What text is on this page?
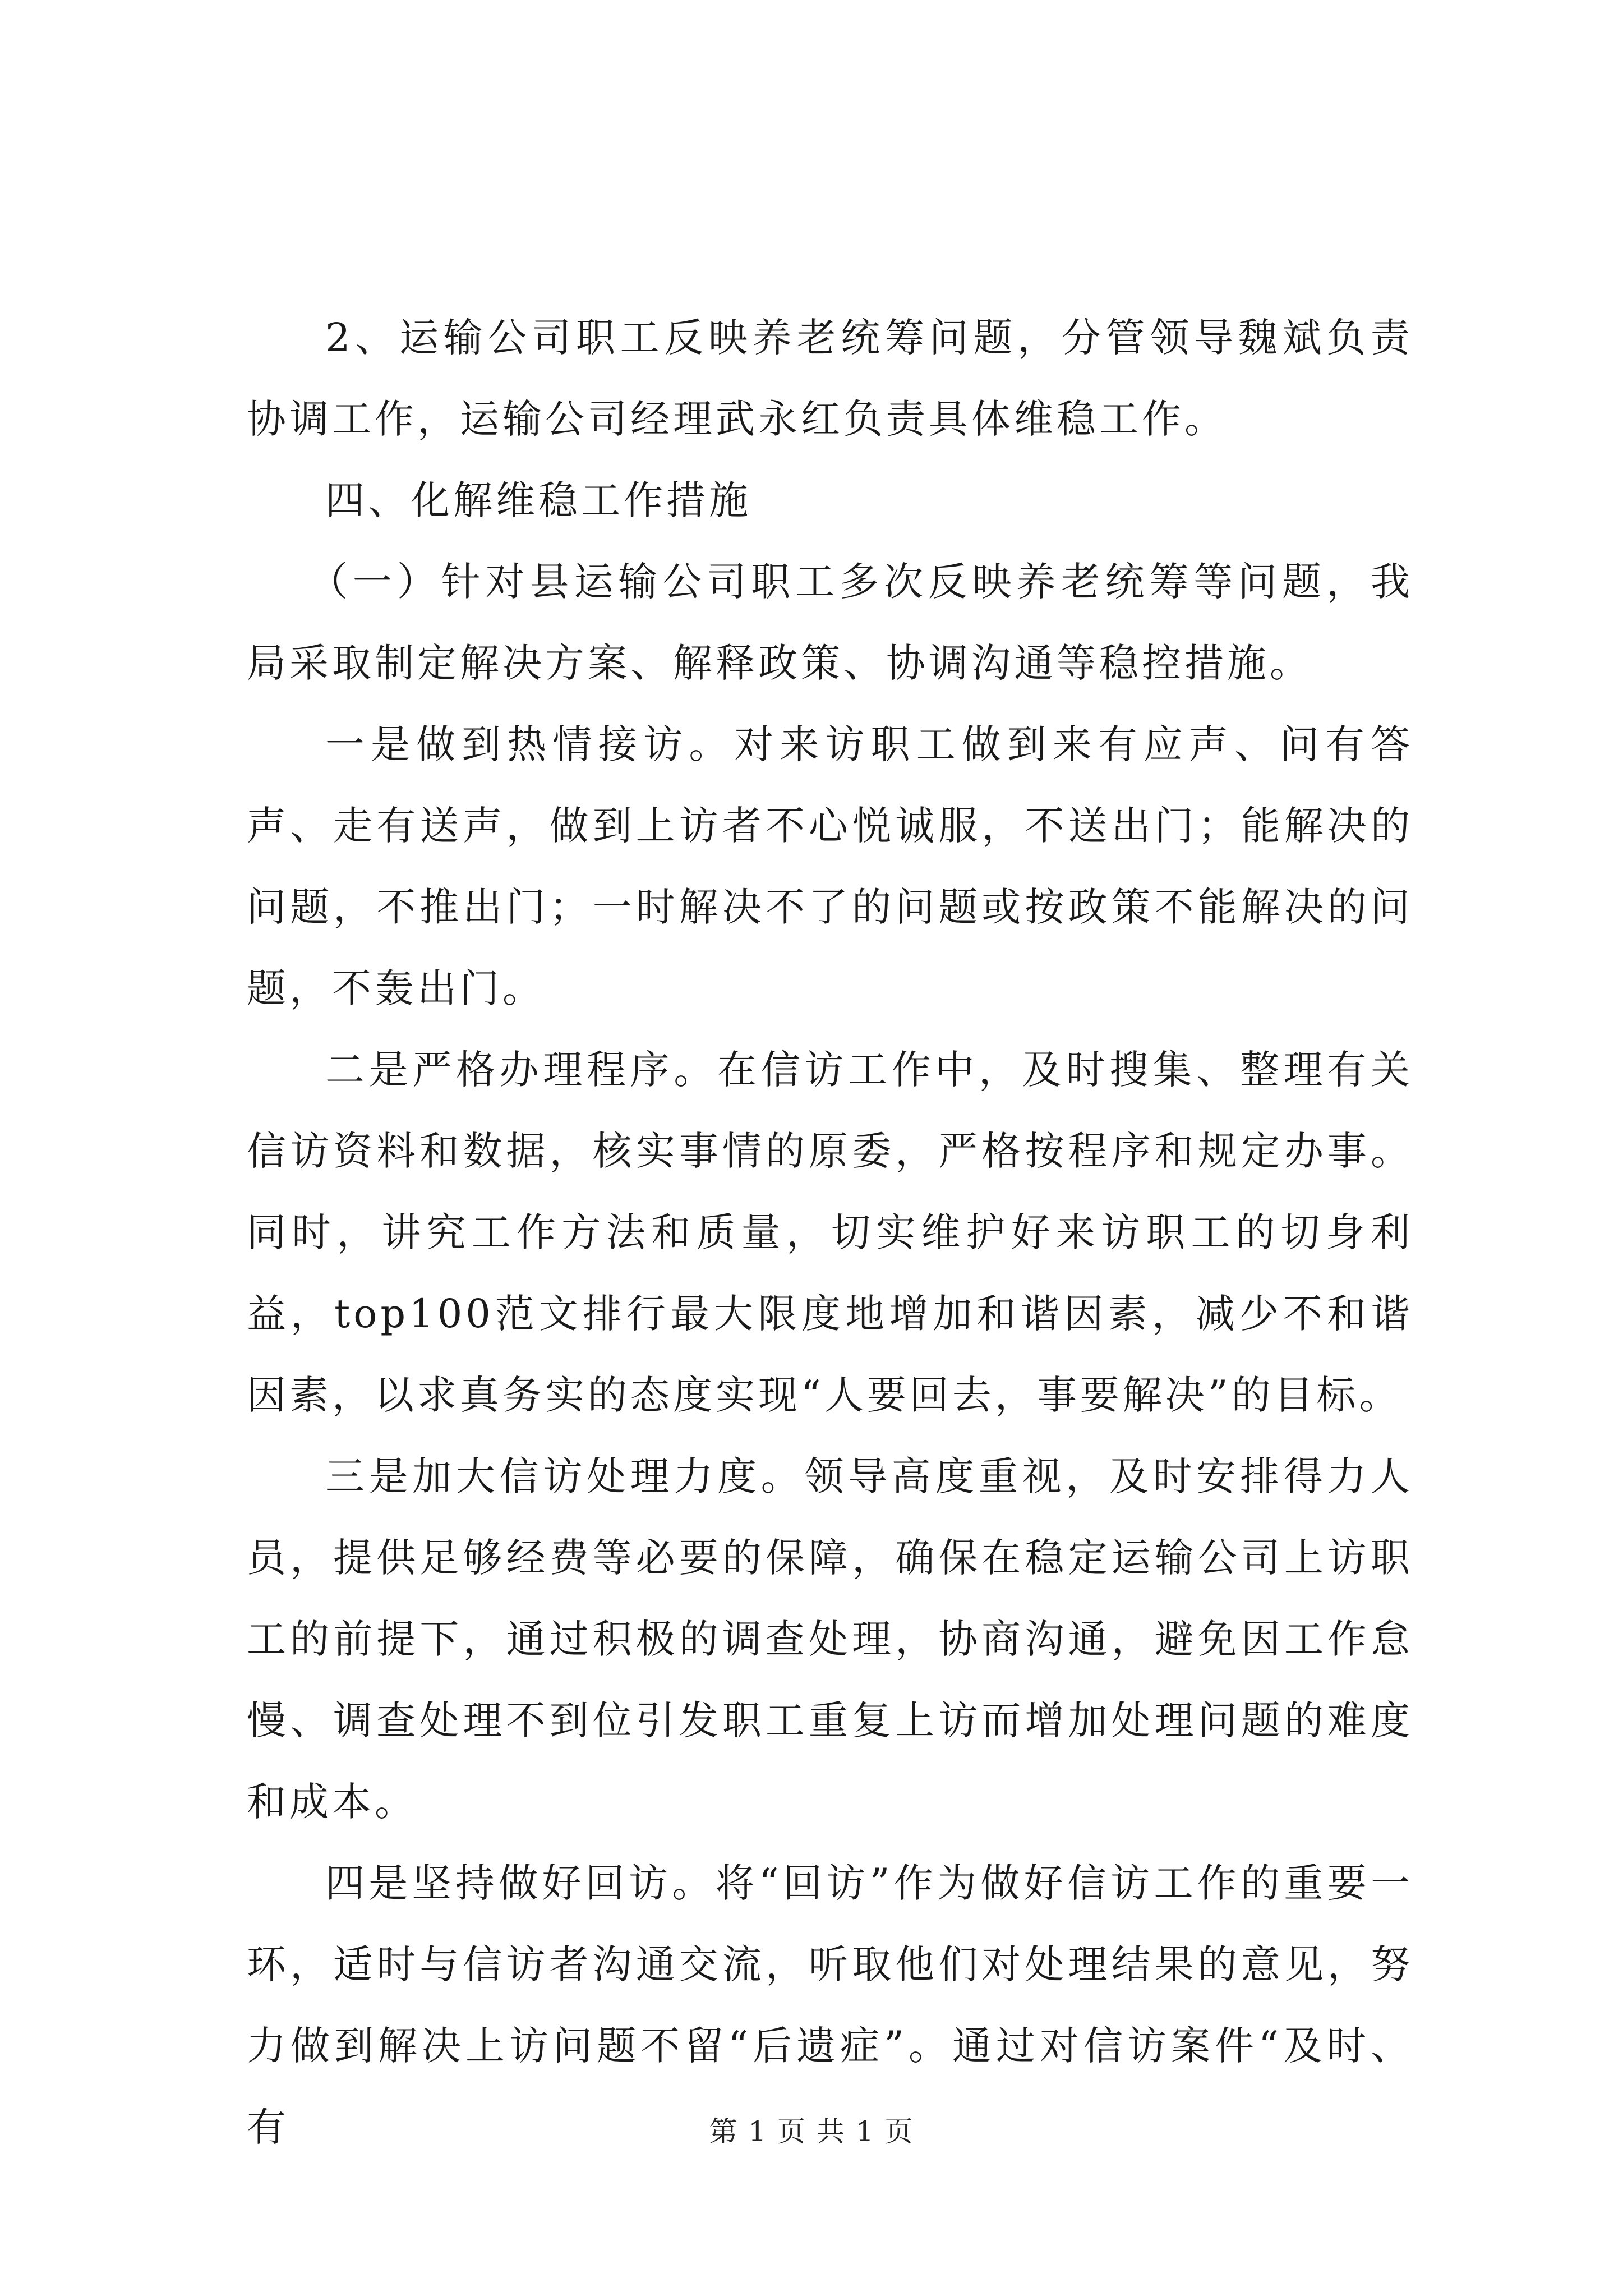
2、运输公司职工反映养老统筹问题，分管领导魏斌负责协调工作，运输公司经理武永红负责具体维稳工作。

四、化解维稳工作措施

（一）针对县运输公司职工多次反映养老统筹等问题，我局采取制定解决方案、解释政策、协调沟通等稳控措施。

一是做到热情接访。对来访职工做到来有应声、问有答声、走有送声，做到上访者不心悦诚服，不送出门；能解决的问题，不推出门；一时解决不了的问题或按政策不能解决的问题，不轰出门。

二是严格办理程序。在信访工作中，及时搜集、整理有关信访资料和数据，核实事情的原委，严格按程序和规定办事。同时，讲究工作方法和质量，切实维护好来访职工的切身利益，top100范文排行最大限度地增加和谐因素，减少不和谐因素，以求真务实的态度实现“人要回去，事要解决”的目标。

三是加大信访处理力度。领导高度重视，及时安排得力人员，提供足够经费等必要的保障，确保在稳定运输公司上访职工的前提下，通过积极的调查处理，协商沟通，避免因工作怠慢、调查处理不到位引发职工重复上访而增加处理问题的难度和成本。

四是坚持做好回访。将“回访”作为做好信访工作的重要一环，适时与信访者沟通交流，听取他们对处理结果的意见，努力做到解决上访问题不留“后遗症”。通过对信访案件“及时、有	第 1 页 共 1 页
